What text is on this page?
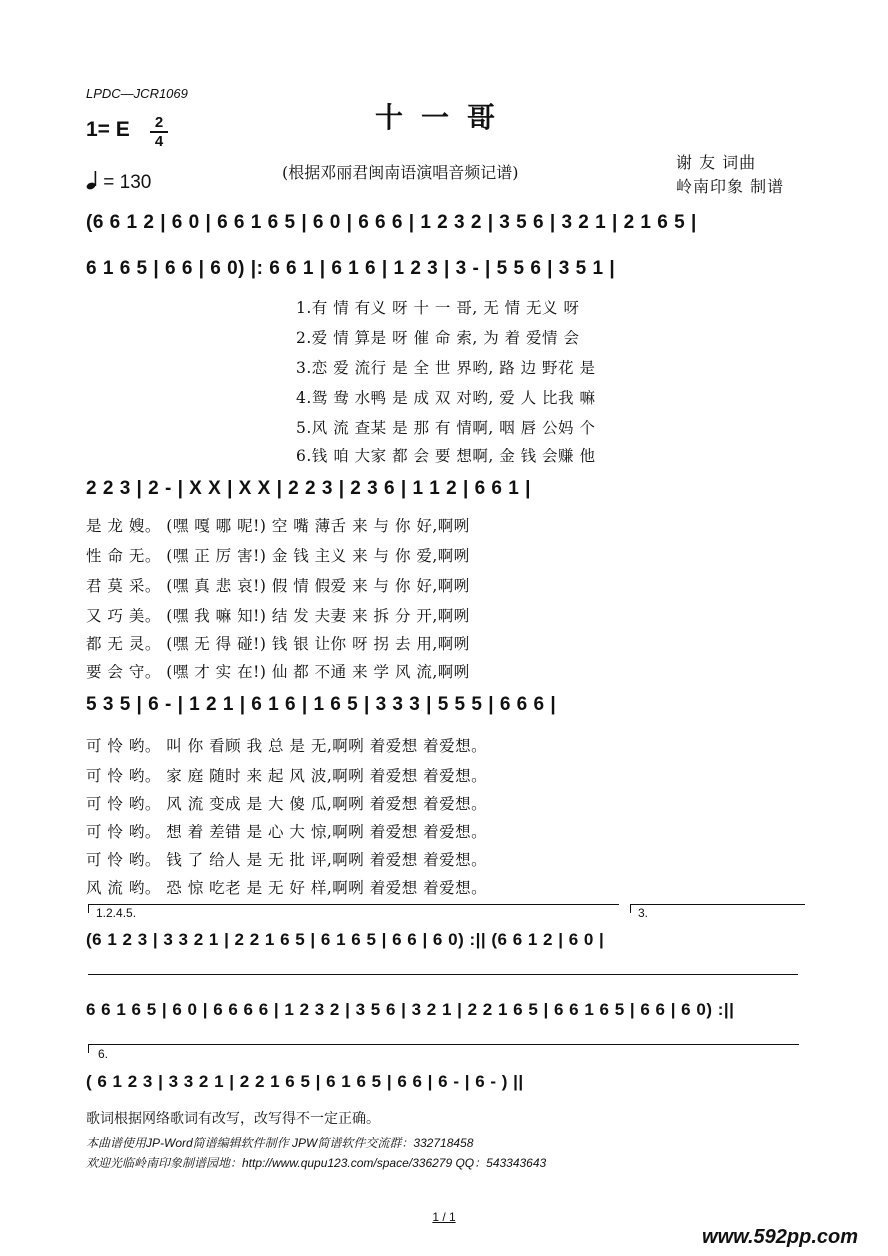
LPDC—JCR1069
十一哥
1= E	2
4
= 130	(根据邓丽君闽南语演唱音频记谱)
谢 友 词曲
岭南印象 制谱
(6 6 1 2 | 6 0 | 6 6 1 6 5 | 6 0 | 6 6 6 | 1 2 3 2 | 3 5 6 | 3 2 1 | 2 1 6 5 |
6 1 6 5 | 6 6 | 6 0) |: 6 6 1 | 6 1 6 | 1 2 3 | 3 - | 5 5 6 | 3 5 1 |
1.有 情 有义 呀 十 一 哥, 无 情 无义 呀
2.爱 情 算是 呀 催 命 索, 为 着 爱情 会
3.恋 爱 流行 是 全 世 界哟, 路 边 野花 是
4.鸳 鸯 水鸭 是 成 双 对哟, 爱 人 比我 嘛
5.风 流 查某 是 那 有 情啊, 咽 唇 公妈 个
6.钱 咱 大家 都 会 要 想啊, 金 钱 会赚 他
2 2 3 | 2 - | X X | X X | 2 2 3 | 2 3 6 | 1 1 2 | 6 6 1 |
是 龙 嫂。 (嘿 嘎 哪 呢!) 空 嘴 薄舌 来 与 你 好,啊咧
性 命 无。 (嘿 正 厉 害!) 金 钱 主义 来 与 你 爱,啊咧
君 莫 采。 (嘿 真 悲 哀!) 假 情 假爱 来 与 你 好,啊咧
又 巧 美。 (嘿 我 嘛 知!) 结 发 夫妻 来 拆 分 开,啊咧
都 无 灵。 (嘿 无 得 碰!) 钱 银 让你 呀 拐 去 用,啊咧
要 会 守。 (嘿 才 实 在!) 仙 都 不通 来 学 风 流,啊咧
5 3 5 | 6 - | 1 2 1 | 6 1 6 | 1 6 5 | 3 3 3 | 5 5 5 | 6 6 6 |
可 怜 哟。 叫 你 看顾 我 总 是 无,啊咧 着爱想 着爱想。
可 怜 哟。 家 庭 随时 来 起 风 波,啊咧 着爱想 着爱想。
可 怜 哟。 风 流 变成 是 大 傻 瓜,啊咧 着爱想 着爱想。
可 怜 哟。 想 着 差错 是 心 大 惊,啊咧 着爱想 着爱想。
可 怜 哟。 钱 了 给人 是 无 批 评,啊咧 着爱想 着爱想。
风 流 哟。 恐 惊 吃老 是 无 好 样,啊咧 着爱想 着爱想。
1.2.4.5.	3.
(6 1 2 3 | 3 3 2 1 | 2 2 1 6 5 | 6 1 6 5 | 6 6 | 6 0) :|| (6 6 1 2 | 6 0 |
6 6 1 6 5 | 6 0 | 6 6 6 6 | 1 2 3 2 | 3 5 6 | 3 2 1 | 2 2 1 6 5 | 6 6 1 6 5 | 6 6 | 6 0) :||
6.
( 6 1 2 3 | 3 3 2 1 | 2 2 1 6 5 | 6 1 6 5 | 6 6 | 6 - | 6 - ) ||
歌词根据网络歌词有改写，改写得不一定正确。
本曲谱使用JP-Word简谱编辑软件制作 JPW简谱软件交流群：332718458
欢迎光临岭南印象制谱园地：http://www.qupu123.com/space/336279 QQ：543343643
1 / 1
www.592pp.com
